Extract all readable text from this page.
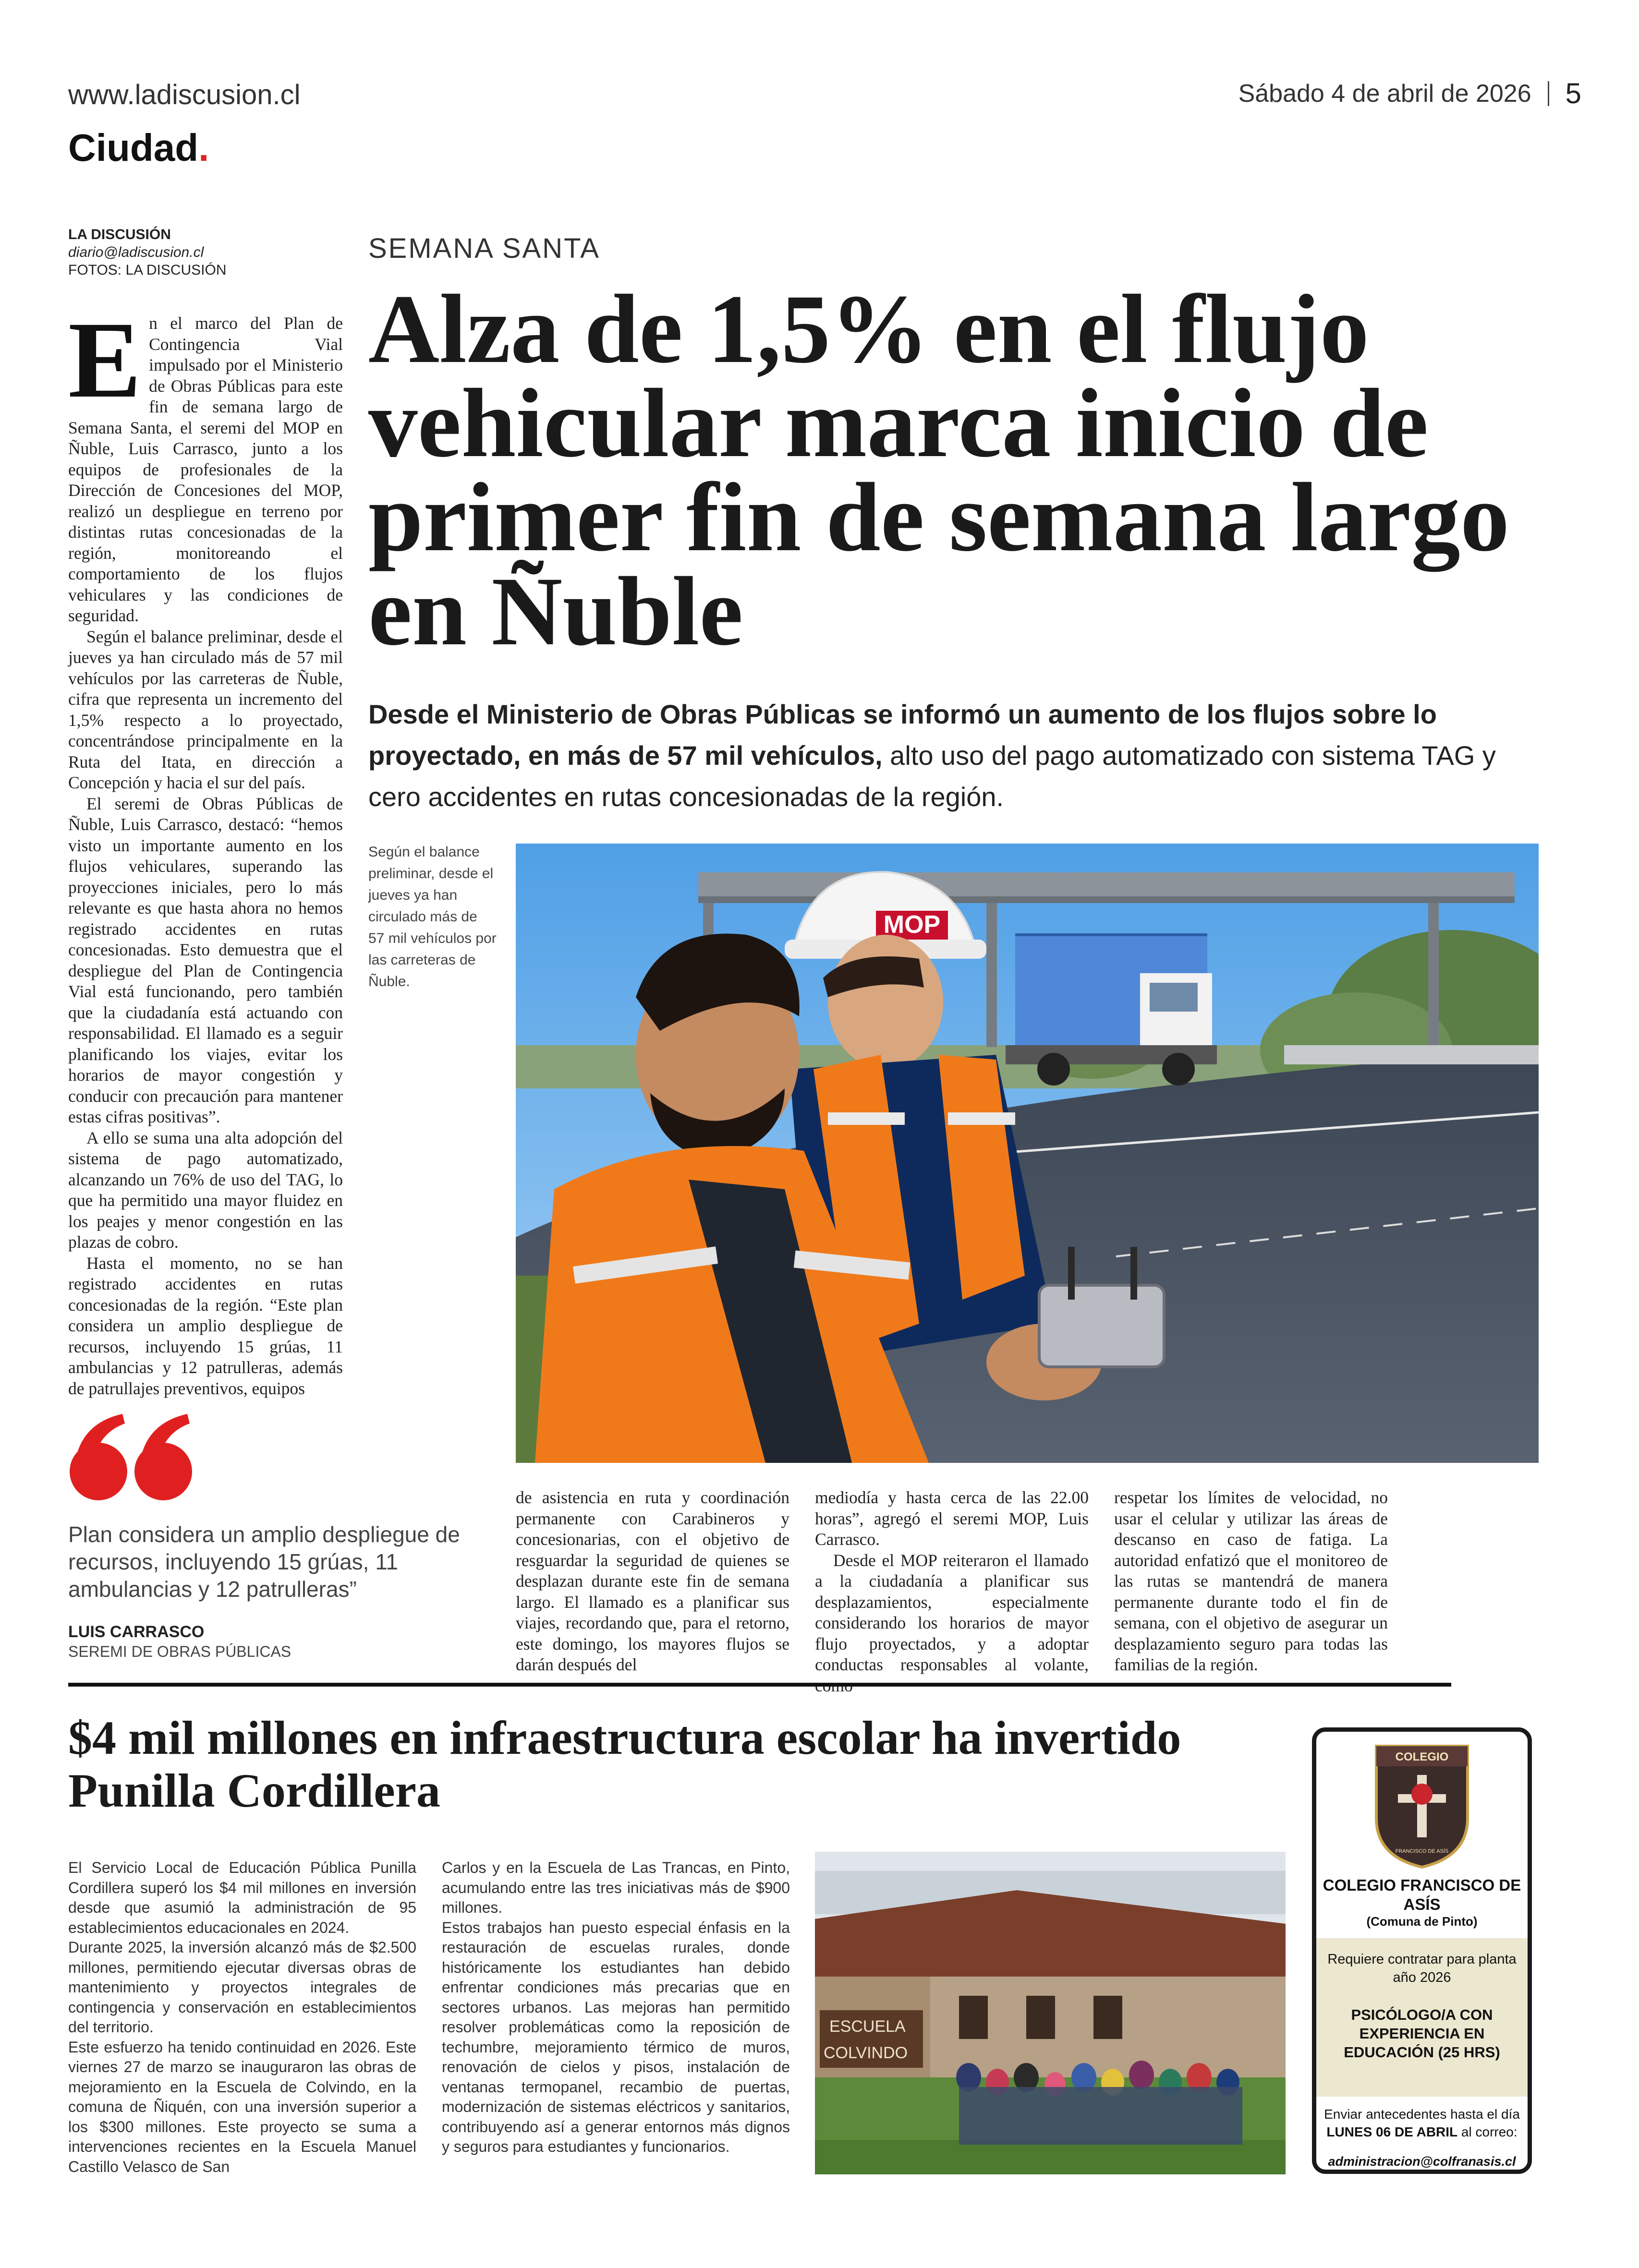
www.ladiscusion.cl	Sábado 4 de abril de 2026 5
Ciudad.
LA DISCUSIÓN
diario@ladiscusion.cl
FOTOS: LA DISCUSIÓN
SEMANA SANTA
Alza de 1,5% en el flujo vehicular marca inicio de primer fin de semana largo en Ñuble
Desde el Ministerio de Obras Públicas se informó un aumento de los flujos sobre lo proyectado, en más de 57 mil vehículos, alto uso del pago automatizado con sistema TAG y cero accidentes en rutas concesionadas de la región.

En el marco del Plan de Contingencia Vial impulsado por el Ministerio de Obras Públicas para este fin de semana largo de Semana Santa, el seremi del MOP en Ñuble, Luis Carrasco, junto a los equipos de profesionales de la Dirección de Concesiones del MOP, realizó un despliegue en terreno por distintas rutas concesionadas de la región, monitoreando el comportamiento de los flujos vehiculares y las condiciones de seguridad.

Según el balance preliminar, desde el jueves ya han circulado más de 57 mil vehículos por las carreteras de Ñuble, cifra que representa un incremento del 1,5% respecto a lo proyectado, concentrándose principalmente en la Ruta del Itata, en dirección a Concepción y hacia el sur del país.

El seremi de Obras Públicas de Ñuble, Luis Carrasco, destacó: “hemos visto un importante aumento en los flujos vehiculares, superando las proyecciones iniciales, pero lo más relevante es que hasta ahora no hemos registrado accidentes en rutas concesionadas. Esto demuestra que el despliegue del Plan de Contingencia Vial está funcionando, pero también que la ciudadanía está actuando con responsabilidad. El llamado es a seguir planificando los viajes, evitar los horarios de mayor congestión y conducir con precaución para mantener estas cifras positivas”.

A ello se suma una alta adopción del sistema de pago automatizado, alcanzando un 76% de uso del TAG, lo que ha permitido una mayor fluidez en los peajes y menor congestión en las plazas de cobro.

Hasta el momento, no se han registrado accidentes en rutas concesionadas de la región. “Este plan considera un amplio despliegue de recursos, incluyendo 15 grúas, 11 ambulancias y 12 patrulleras, además de patrullajes preventivos, equipos

Según el balance preliminar, desde el jueves ya han circulado más de 57 mil vehículos por las carreteras de Ñuble.
MOP
Plan considera un amplio despliegue de recursos, incluyendo 15 grúas, 11 ambulancias y 12 patrulleras”
LUIS CARRASCO
SEREMI DE OBRAS PÚBLICAS

de asistencia en ruta y coordinación permanente con Carabineros y concesionarias, con el objetivo de resguardar la seguridad de quienes se desplazan durante este fin de semana largo. El llamado es a planificar sus viajes, recordando que, para el retorno, este domingo, los mayores flujos se darán después del

mediodía y hasta cerca de las 22.00 horas”, agregó el seremi MOP, Luis Carrasco.

Desde el MOP reiteraron el llamado a la ciudadanía a planificar sus desplazamientos, especialmente considerando los horarios de mayor flujo proyectados, y a adoptar conductas responsables al volante,

respetar los límites de velocidad, no usar el celular y utilizar las áreas de descanso en caso de fatiga. La autoridad enfatizó que el monitoreo de las rutas se mantendrá de manera permanente durante todo el fin de semana, con el objetivo de asegurar un desplazamiento seguro para todas las familias de la región.

$4 mil millones en infraestructura escolar ha invertido Punilla Cordillera

El Servicio Local de Educación Pública Punilla Cordillera superó los $4 mil millones en inversión desde que asumió la administración de 95 establecimientos educacionales en 2024.

Durante 2025, la inversión alcanzó más de $2.500 millones, permitiendo ejecutar diversas obras de mantenimiento y proyectos integrales de contingencia y conservación en establecimientos del territorio.

Este esfuerzo ha tenido continuidad en 2026. Este viernes 27 de marzo se inauguraron las obras de mejoramiento en la Escuela de Colvindo, en la comuna de Ñiquén, con una inversión superior a los $300 millones. Este proyecto se suma a intervenciones recientes en la Escuela Manuel Castillo Velasco de San

Carlos y en la Escuela de Las Trancas, en Pinto, acumulando entre las tres iniciativas más de $900 millones.

Estos trabajos han puesto especial énfasis en la restauración de escuelas rurales, donde históricamente los estudiantes han debido enfrentar condiciones más precarias que en sectores urbanos. Las mejoras han permitido resolver problemáticas como la reposición de techumbre, mejoramiento térmico de muros, renovación de cielos y pisos, instalación de ventanas termopanel, recambio de puertas, modernización de sistemas eléctricos y sanitarios, contribuyendo así a generar entornos más dignos y seguros para estudiantes y funcionarios.

ESCUELA
COLVINDO
COLEGIO
FRANCISCO DE ASÍS
COLEGIO FRANCISCO DE ASÍS
(Comuna de Pinto)
Requiere contratar para planta año 2026
PSICÓLOGO/A CON EXPERIENCIA EN EDUCACIÓN (25 HRS)
Enviar antecedentes hasta el día LUNES 06 DE ABRIL al correo:
administracion@colfranasis.cl
